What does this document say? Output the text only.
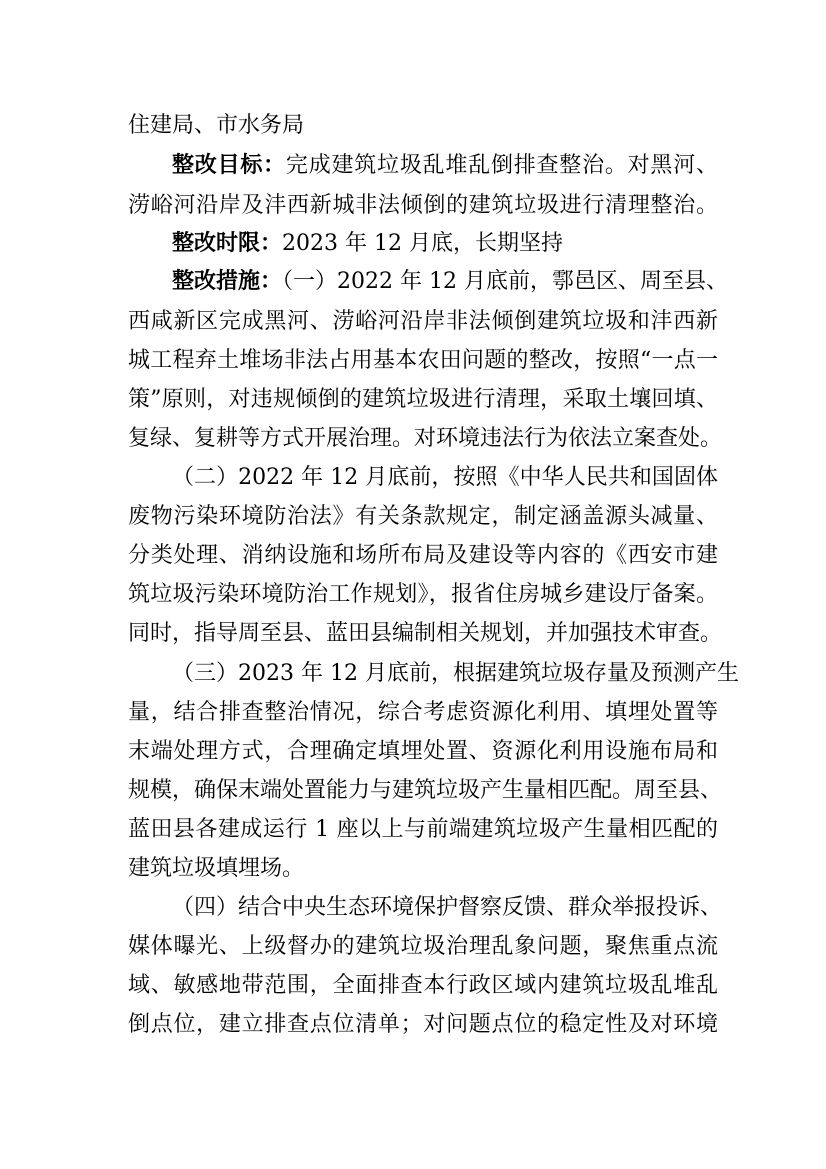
住建局、市水务局
整改目标：完成建筑垃圾乱堆乱倒排查整治。对黑河、
涝峪河沿岸及沣西新城非法倾倒的建筑垃圾进行清理整治。
整改时限：2023 年 12 月底，长期坚持
整改措施：（一）2022 年 12 月底前，鄠邑区、周至县、
西咸新区完成黑河、涝峪河沿岸非法倾倒建筑垃圾和沣西新
城工程弃土堆场非法占用基本农田问题的整改，按照“一点一
策”原则，对违规倾倒的建筑垃圾进行清理，采取土壤回填、
复绿、复耕等方式开展治理。对环境违法行为依法立案查处。
（二）2022 年 12 月底前，按照《中华人民共和国固体
废物污染环境防治法》有关条款规定，制定涵盖源头减量、
分类处理、消纳设施和场所布局及建设等内容的《西安市建
筑垃圾污染环境防治工作规划》，报省住房城乡建设厅备案。
同时，指导周至县、蓝田县编制相关规划，并加强技术审查。
（三）2023 年 12 月底前，根据建筑垃圾存量及预测产生
量，结合排查整治情况，综合考虑资源化利用、填埋处置等
末端处理方式，合理确定填埋处置、资源化利用设施布局和
规模，确保末端处置能力与建筑垃圾产生量相匹配。周至县、
蓝田县各建成运行 1 座以上与前端建筑垃圾产生量相匹配的
建筑垃圾填埋场。
（四）结合中央生态环境保护督察反馈、群众举报投诉、
媒体曝光、上级督办的建筑垃圾治理乱象问题，聚焦重点流
域、敏感地带范围，全面排查本行政区域内建筑垃圾乱堆乱
倒点位，建立排查点位清单；对问题点位的稳定性及对环境
